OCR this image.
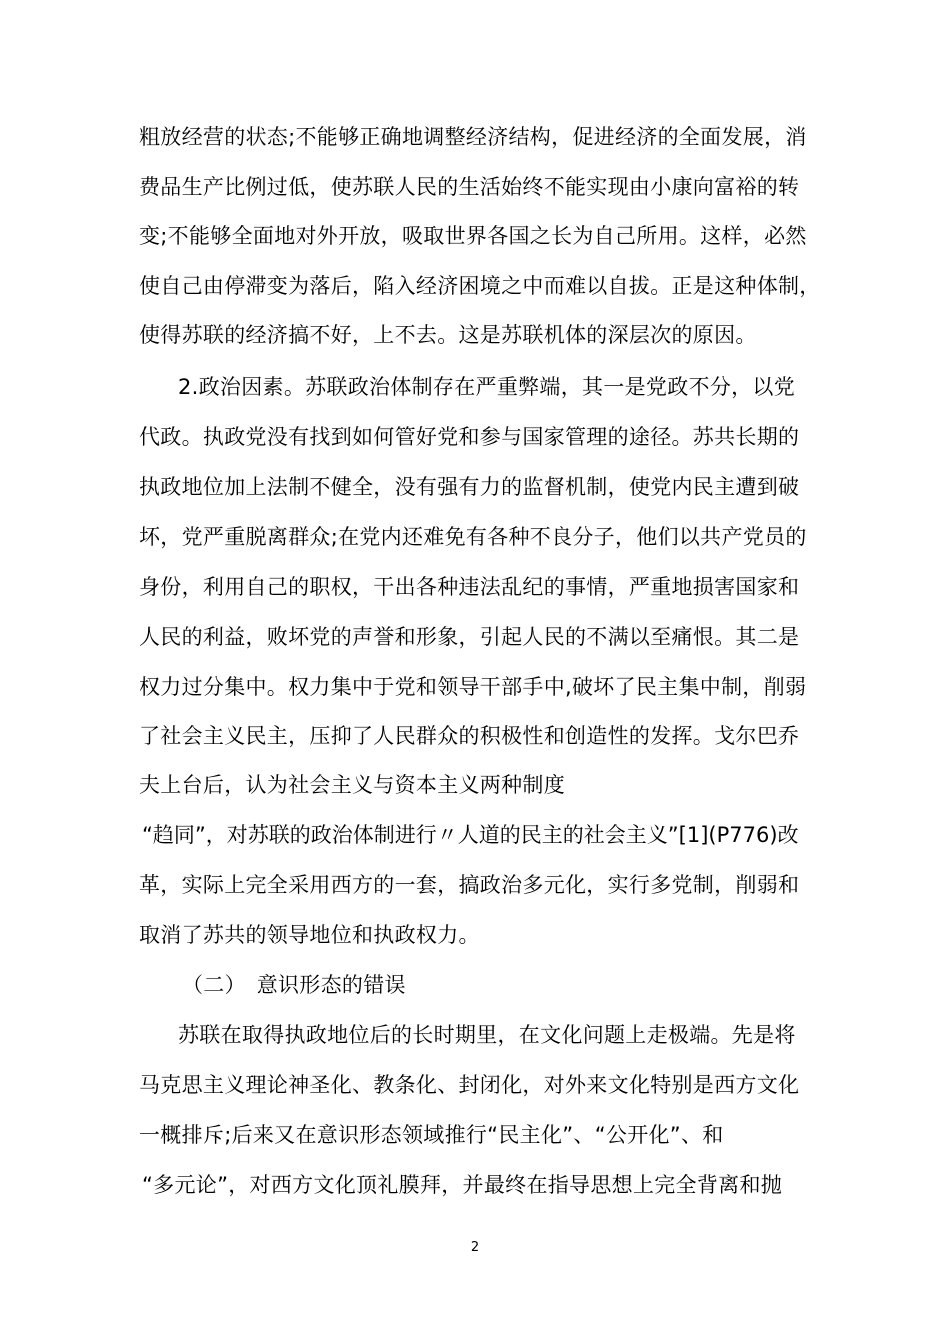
粗放经营的状态;不能够正确地调整经济结构，促进经济的全面发展，消
费品生产比例过低，使苏联人民的生活始终不能实现由小康向富裕的转
变;不能够全面地对外开放，吸取世界各国之长为自己所用。这样，必然
使自己由停滞变为落后，陷入经济困境之中而难以自拔。正是这种体制，
使得苏联的经济搞不好，上不去。这是苏联机体的深层次的原因。
2.政治因素。苏联政治体制存在严重弊端，其一是党政不分，以党
代政。执政党没有找到如何管好党和参与国家管理的途径。苏共长期的
执政地位加上法制不健全，没有强有力的监督机制，使党内民主遭到破
坏，党严重脱离群众;在党内还难免有各种不良分子，他们以共产党员的
身份，利用自己的职权，干出各种违法乱纪的事情，严重地损害国家和
人民的利益，败坏党的声誉和形象，引起人民的不满以至痛恨。其二是
权力过分集中。权力集中于党和领导干部手中,破坏了民主集中制，削弱
了社会主义民主，压抑了人民群众的积极性和创造性的发挥。戈尔巴乔
夫上台后，认为社会主义与资本主义两种制度
“趋同”，对苏联的政治体制进行〃人道的民主的社会主义”[1](P776)改
革，实际上完全采用西方的一套，搞政治多元化，实行多党制，削弱和
取消了苏共的领导地位和执政权力。
（二）　意识形态的错误
苏联在取得执政地位后的长时期里，在文化问题上走极端。先是将
马克思主义理论神圣化、教条化、封闭化，对外来文化特别是西方文化
一概排斥;后来又在意识形态领域推行“民主化”、“公开化”、和
“多元论”，对西方文化顶礼膜拜，并最终在指导思想上完全背离和抛
2
